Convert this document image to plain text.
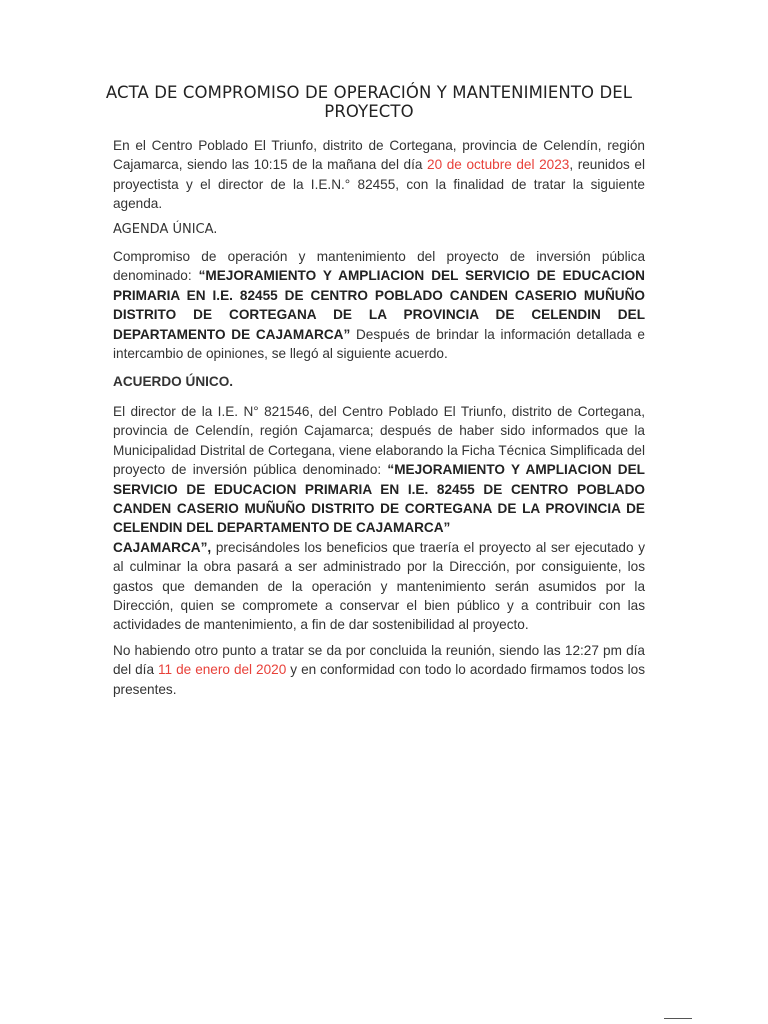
ACTA DE COMPROMISO DE OPERACIÓN Y MANTENIMIENTO DEL PROYECTO

En el Centro Poblado El Triunfo, distrito de Cortegana, provincia de Celendín, región Cajamarca, siendo las 10:15 de la mañana del día 20 de octubre del 2023, reunidos el proyectista y el director de la I.E.N.° 82455, con la finalidad de tratar la siguiente agenda.

AGENDA ÚNICA.

Compromiso de operación y mantenimiento del proyecto de inversión pública denominado: “MEJORAMIENTO Y AMPLIACION DEL SERVICIO DE EDUCACION PRIMARIA EN I.E. 82455 DE CENTRO POBLADO CANDEN CASERIO MUÑUÑO DISTRITO DE CORTEGANA DE LA PROVINCIA DE CELENDIN DEL DEPARTAMENTO DE CAJAMARCA” Después de brindar la información detallada e intercambio de opiniones, se llegó al siguiente acuerdo.

ACUERDO ÚNICO.

El director de la I.E. N° 821546, del Centro Poblado El Triunfo, distrito de Cortegana, provincia de Celendín, región Cajamarca; después de haber sido informados que la Municipalidad Distrital de Cortegana, viene elaborando la Ficha Técnica Simplificada del proyecto de inversión pública denominado: “MEJORAMIENTO Y AMPLIACION DEL SERVICIO DE EDUCACION PRIMARIA EN I.E. 82455 DE CENTRO POBLADO CANDEN CASERIO MUÑUÑO DISTRITO DE CORTEGANA DE LA PROVINCIA DE CELENDIN DEL DEPARTAMENTO DE CAJAMARCA”
CAJAMARCA”, precisándoles los beneficios que traería el proyecto al ser ejecutado y al culminar la obra pasará a ser administrado por la Dirección, por consiguiente, los gastos que demanden de la operación y mantenimiento serán asumidos por la Dirección, quien se compromete a conservar el bien público y a contribuir con las actividades de mantenimiento, a fin de dar sostenibilidad al proyecto.

No habiendo otro punto a tratar se da por concluida la reunión, siendo las 12:27 pm día del día 11 de enero del 2020 y en conformidad con todo lo acordado firmamos todos los presentes.
